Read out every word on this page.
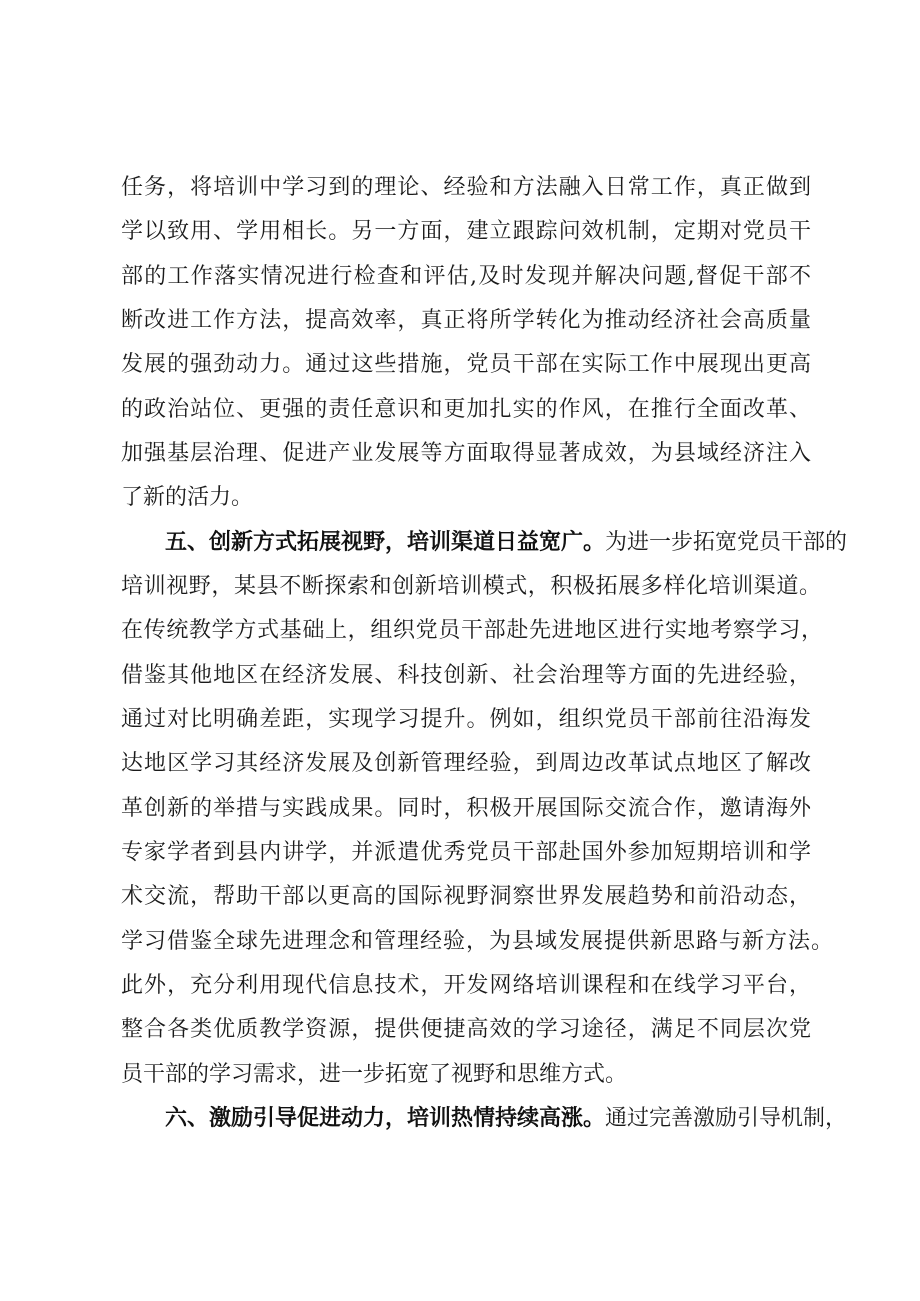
任务，将培训中学习到的理论、经验和方法融入日常工作，真正做到
学以致用、学用相长。另一方面，建立跟踪问效机制，定期对党员干
部的工作落实情况进行检查和评估,及时发现并解决问题,督促干部不
断改进工作方法，提高效率，真正将所学转化为推动经济社会高质量
发展的强劲动力。通过这些措施，党员干部在实际工作中展现出更高
的政治站位、更强的责任意识和更加扎实的作风，在推行全面改革、
加强基层治理、促进产业发展等方面取得显著成效，为县域经济注入
了新的活力。
五、创新方式拓展视野，培训渠道日益宽广。为进一步拓宽党员干部的
培训视野，某县不断探索和创新培训模式，积极拓展多样化培训渠道。
在传统教学方式基础上，组织党员干部赴先进地区进行实地考察学习，
借鉴其他地区在经济发展、科技创新、社会治理等方面的先进经验，
通过对比明确差距，实现学习提升。例如，组织党员干部前往沿海发
达地区学习其经济发展及创新管理经验，到周边改革试点地区了解改
革创新的举措与实践成果。同时，积极开展国际交流合作，邀请海外
专家学者到县内讲学，并派遣优秀党员干部赴国外参加短期培训和学
术交流，帮助干部以更高的国际视野洞察世界发展趋势和前沿动态，
学习借鉴全球先进理念和管理经验，为县域发展提供新思路与新方法。
此外，充分利用现代信息技术，开发网络培训课程和在线学习平台，
整合各类优质教学资源，提供便捷高效的学习途径，满足不同层次党
员干部的学习需求，进一步拓宽了视野和思维方式。
六、激励引导促进动力，培训热情持续高涨。通过完善激励引导机制，
